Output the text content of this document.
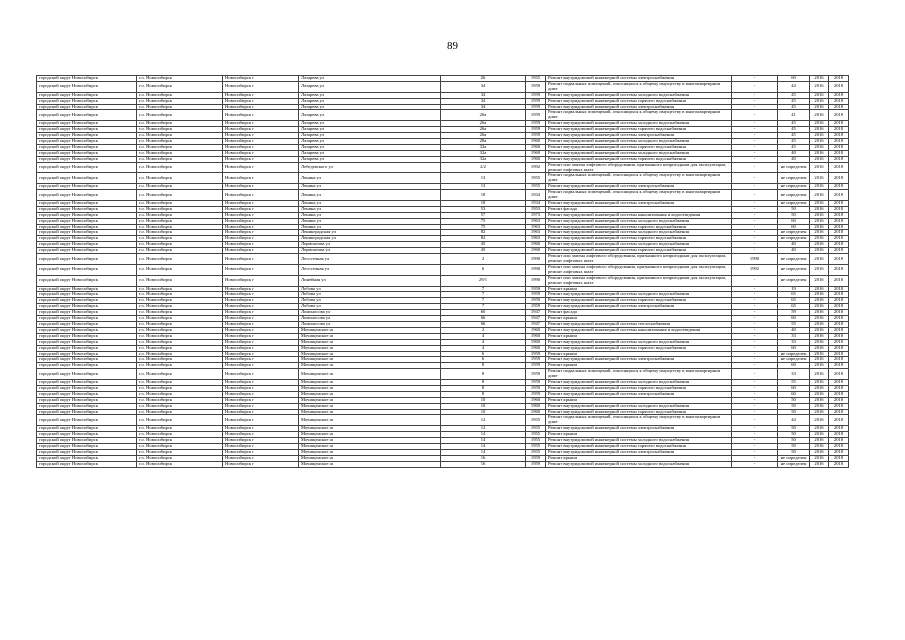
89
городской округ Новосибирск	г.о. Новосибирск	Новосибирск г	Лазарева ул	26	1955	Ремонт внутридомовой инженерной системы электроснабжения	-	60	2016	2018
городской округ Новосибирск	г.о. Новосибирск	Новосибирск г	Лазарева ул	34	1959	Ремонт подвальных помещений, относящихся к общему имуществу в многоквартирном доме	-	44	2016	2018
городской округ Новосибирск	г.о. Новосибирск	Новосибирск г	Лазарева ул	34	1959	Ремонт внутридомовой инженерной системы холодного водоснабжения	-	45	2016	2018
городской округ Новосибирск	г.о. Новосибирск	Новосибирск г	Лазарева ул	34	1959	Ремонт внутридомовой инженерной системы горячего водоснабжения	-	45	2016	2018
городской округ Новосибирск	г.о. Новосибирск	Новосибирск г	Лазарева ул	34	1959	Ремонт внутридомовой инженерной системы электроснабжения	-	45	2016	2018
городской округ Новосибирск	г.о. Новосибирск	Новосибирск г	Лазарева ул	26а	1959	Ремонт подвальных помещений, относящихся к общему имуществу в многоквартирном доме	-	41	2016	2018
городской округ Новосибирск	г.о. Новосибирск	Новосибирск г	Лазарева ул	26а	1959	Ремонт внутридомовой инженерной системы холодного водоснабжения	-	45	2016	2018
городской округ Новосибирск	г.о. Новосибирск	Новосибирск г	Лазарева ул	26а	1959	Ремонт внутридомовой инженерной системы горячего водоснабжения	-	45	2016	2018
городской округ Новосибирск	г.о. Новосибирск	Новосибирск г	Лазарева ул	26а	1959	Ремонт внутридомовой инженерной системы электроснабжения	-	45	2016	2018
городской округ Новосибирск	г.о. Новосибирск	Новосибирск г	Лазарева ул	28а	1960	Ремонт внутридомовой инженерной системы холодного водоснабжения	-	45	2016	2018
городской округ Новосибирск	г.о. Новосибирск	Новосибирск г	Лазарева ул	32а	1960	Ремонт внутридомовой инженерной системы горячего водоснабжения	-	45	2016	2018
городской округ Новосибирск	г.о. Новосибирск	Новосибирск г	Лазарева ул	32а	1960	Ремонт внутридомовой инженерной системы холодного водоснабжения	-	40	2016	2018
городской округ Новосибирск	г.о. Новосибирск	Новосибирск г	Лазарева ул	32а	1960	Ремонт внутридомовой инженерной системы горячего водоснабжения	-	40	2016	2018
городской округ Новосибирск	г.о. Новосибирск	Новосибирск г	Лебедевского ул	2/2	1992	Ремонт или замена лифтового оборудования, признанного непригодным для эксплуатации, ремонт лифтовых шахт	-	не определен	2016	2018
городской округ Новосибирск	г.о. Новосибирск	Новосибирск г	Ленина ул	13	1955	Ремонт подвальных помещений, относящихся к общему имуществу в многоквартирном доме	-	не определен	2016	2018
городской округ Новосибирск	г.о. Новосибирск	Новосибирск г	Ленина ул	13	1955	Ремонт внутридомовой инженерной системы электроснабжения	-	не определен	2016	2018
городской округ Новосибирск	г.о. Новосибирск	Новосибирск г	Ленина ул	18	1934	Ремонт подвальных помещений, относящихся к общему имуществу в многоквартирном доме	-	не определен	2016	2018
городской округ Новосибирск	г.о. Новосибирск	Новосибирск г	Ленина ул	18	1934	Ремонт внутридомовой инженерной системы электроснабжения	-	не определен	2016	2018
городской округ Новосибирск	г.о. Новосибирск	Новосибирск г	Ленина ул	53	1953	Ремонт фасада	-	50	2016	2018
городской округ Новосибирск	г.о. Новосибирск	Новосибирск г	Ленина ул	57	1973	Ремонт внутридомовой инженерной системы канализования и водоотведения	-	50	2016	2018
городской округ Новосибирск	г.о. Новосибирск	Новосибирск г	Ленина ул	75	1963	Ремонт внутридомовой инженерной системы холодного водоснабжения	-	60	2016	2018
городской округ Новосибирск	г.о. Новосибирск	Новосибирск г	Ленина ул	75	1963	Ремонт внутридомовой инженерной системы горячего водоснабжения	-	60	2016	2018
городской округ Новосибирск	г.о. Новосибирск	Новосибирск г	Ленинградская ул	82	1963	Ремонт внутридомовой инженерной системы холодного водоснабжения	-	не определен	2016	2018
городской округ Новосибирск	г.о. Новосибирск	Новосибирск г	Ленинградская ул	82	1963	Ремонт внутридомовой инженерной системы горячего водоснабжения	-	не определен	2016	2018
городской округ Новосибирск	г.о. Новосибирск	Новосибирск г	Лермонтова ул	45	1960	Ремонт внутридомовой инженерной системы холодного водоснабжения	-	40	2016	2018
городской округ Новосибирск	г.о. Новосибирск	Новосибирск г	Лермонтова ул	45	1960	Ремонт внутридомовой инженерной системы горячего водоснабжения	-	40	2016	2018
городской округ Новосибирск	г.о. Новосибирск	Новосибирск г	Лесосечная ул	2	1990	Ремонт или замена лифтового оборудования, признанного непригодным для эксплуатации, ремонт лифтовых шахт	1990	не определен	2016	2018
городской округ Новосибирск	г.о. Новосибирск	Новосибирск г	Лесосечная ул	6	1990	Ремонт или замена лифтового оборудования, признанного непригодным для эксплуатации, ремонт лифтовых шахт	1992	не определен	2016	2018
городской округ Новосибирск	г.о. Новосибирск	Новосибирск г	Линейная ул	29/1	1990	Ремонт или замена лифтового оборудования, признанного непригодным для эксплуатации, ремонт лифтовых шахт	-	не определен	2016	2018
городской округ Новосибирск	г.о. Новосибирск	Новосибирск г	Лобова ул	7	1959	Ремонт крыши	-	19	2016	2018
городской округ Новосибирск	г.о. Новосибирск	Новосибирск г	Лобова ул	7	1959	Ремонт внутридомовой инженерной системы холодного водоснабжения	-	65	2016	2018
городской округ Новосибирск	г.о. Новосибирск	Новосибирск г	Лобова ул	7	1959	Ремонт внутридомовой инженерной системы горячего водоснабжения	-	65	2016	2018
городской округ Новосибирск	г.о. Новосибирск	Новосибирск г	Лобова ул	7	1959	Ремонт внутридомовой инженерной системы электроснабжения	-	65	2016	2018
городской округ Новосибирск	г.о. Новосибирск	Новосибирск г	Ломоносова ул	60	1947	Ремонт фасада	-	59	2016	2018
городской округ Новосибирск	г.о. Новосибирск	Новосибирск г	Ломоносова ул	66	1947	Ремонт крыши	-	60	2016	2018
городской округ Новосибирск	г.о. Новосибирск	Новосибирск г	Ломоносова ул	66	1947	Ремонт внутридомовой инженерной системы теплоснабжения	-	55	2016	2018
городской округ Новосибирск	г.о. Новосибирск	Новосибирск г	Мочищенское ш	2	1960	Ремонт внутридомовой инженерной системы канализования и водоотведения	-	40	2016	2018
городской округ Новосибирск	г.о. Новосибирск	Новосибирск г	Мочищенское ш	4	1960	Ремонт крыши	-	33	2016	2018
городской округ Новосибирск	г.о. Новосибирск	Новосибирск г	Мочищенское ш	4	1960	Ремонт внутридомовой инженерной системы холодного водоснабжения	-	33	2016	2018
городской округ Новосибирск	г.о. Новосибирск	Новосибирск г	Мочищенское ш	4	1960	Ремонт внутридомовой инженерной системы горячего водоснабжения	-	60	2016	2018
городской округ Новосибирск	г.о. Новосибирск	Новосибирск г	Мочищенское ш	6	1959	Ремонт крыши	-	не определен	2016	2018
городской округ Новосибирск	г.о. Новосибирск	Новосибирск г	Мочищенское ш	6	1959	Ремонт внутридомовой инженерной системы электроснабжения	-	не определен	2016	2018
городской округ Новосибирск	г.о. Новосибирск	Новосибирск г	Мочищенское ш	8	1959	Ремонт крыши	-	60	2016	2018
городской округ Новосибирск	г.о. Новосибирск	Новосибирск г	Мочищенское ш	8	1959	Ремонт подвальных помещений, относящихся к общему имуществу в многоквартирном доме	-	33	2016	2018
городской округ Новосибирск	г.о. Новосибирск	Новосибирск г	Мочищенское ш	8	1959	Ремонт внутридомовой инженерной системы холодного водоснабжения	-	55	2016	2018
городской округ Новосибирск	г.о. Новосибирск	Новосибирск г	Мочищенское ш	8	1959	Ремонт внутридомовой инженерной системы горячего водоснабжения	-	60	2016	2018
городской округ Новосибирск	г.о. Новосибирск	Новосибирск г	Мочищенское ш	8	1959	Ремонт внутридомовой инженерной системы электроснабжения	-	60	2016	2018
городской округ Новосибирск	г.о. Новосибирск	Новосибирск г	Мочищенское ш	10	1960	Ремонт крыши	-	50	2016	2018
городской округ Новосибирск	г.о. Новосибирск	Новосибирск г	Мочищенское ш	10	1960	Ремонт внутридомовой инженерной системы холодного водоснабжения	-	50	2016	2018
городской округ Новосибирск	г.о. Новосибирск	Новосибирск г	Мочищенское ш	10	1960	Ремонт внутридомовой инженерной системы горячего водоснабжения	-	50	2016	2018
городской округ Новосибирск	г.о. Новосибирск	Новосибирск г	Мочищенское ш	12	1955	Ремонт подвальных помещений, относящихся к общему имуществу в многоквартирном доме	-	44	2016	2018
городской округ Новосибирск	г.о. Новосибирск	Новосибирск г	Мочищенское ш	12	1955	Ремонт внутридомовой инженерной системы электроснабжения	-	50	2016	2018
городской округ Новосибирск	г.о. Новосибирск	Новосибирск г	Мочищенское ш	14	1955	Ремонт крыши	-	50	2016	2018
городской округ Новосибирск	г.о. Новосибирск	Новосибирск г	Мочищенское ш	14	1955	Ремонт внутридомовой инженерной системы холодного водоснабжения	-	50	2016	2018
городской округ Новосибирск	г.о. Новосибирск	Новосибирск г	Мочищенское ш	14	1955	Ремонт внутридомовой инженерной системы горячего водоснабжения	-	50	2016	2018
городской округ Новосибирск	г.о. Новосибирск	Новосибирск г	Мочищенское ш	14	1955	Ремонт внутридомовой инженерной системы электроснабжения	-	50	2016	2018
городской округ Новосибирск	г.о. Новосибирск	Новосибирск г	Мочищенское ш	16	1959	Ремонт крыши	-	не определен	2016	2018
городской округ Новосибирск	г.о. Новосибирск	Новосибирск г	Мочищенское ш	16	1959	Ремонт внутридомовой инженерной системы холодного водоснабжения	-	не определен	2016	2018
